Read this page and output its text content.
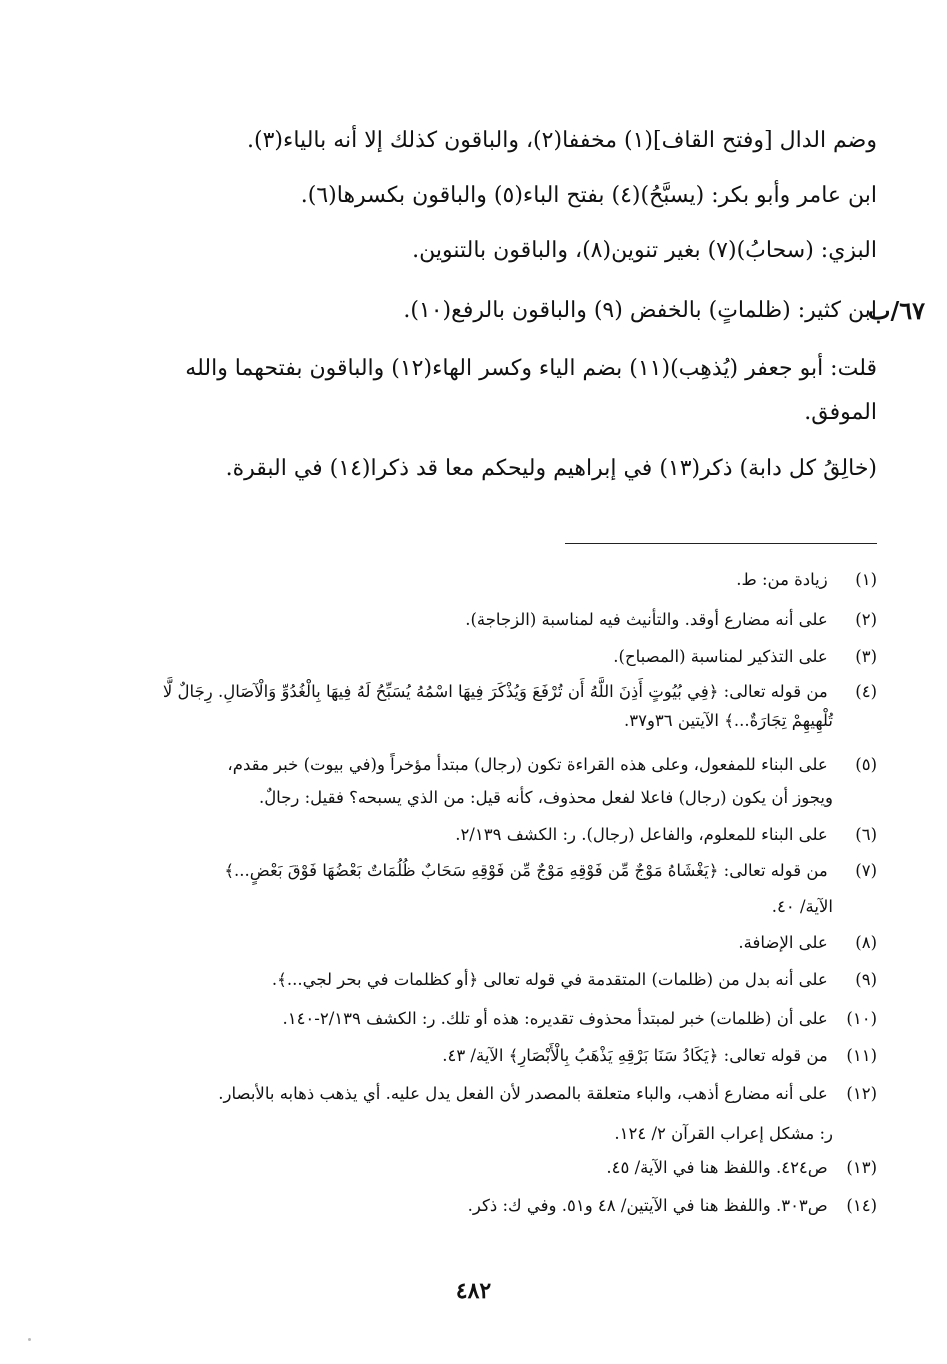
وضم الدال [وفتح القاف](١) مخففا(٢)، والباقون كذلك إلا أنه بالياء(٣).
ابن عامر وأبو بكر: (يسبَّحُ)(٤) بفتح الباء(٥) والباقون بكسرها(٦).
البزي: (سحابُ)(٧) بغير تنوين(٨)، والباقون بالتنوين.
٦٧/ب
ابن كثير: (ظلماتٍ) بالخفض (٩) والباقون بالرفع(١٠).
قلت: أبو جعفر (يُذهِب)(١١) بضم الياء وكسر الهاء(١٢) والباقون بفتحهما والله
الموفق.
(خالِقُ كل دابة) ذكر(١٣) في إبراهيم وليحكم معا قد ذكرا(١٤) في البقرة.
(١) زيادة من: ط.
(٢) على أنه مضارع أوقد. والتأنيث فيه لمناسبة (الزجاجة).
(٣) على التذكير لمناسبة (المصباح).
(٤) من قوله تعالى: ﴿فِي بُيُوتٍ أَذِنَ اللَّهُ أَن تُرْفَعَ وَيُذْكَرَ فِيهَا اسْمُهُ يُسَبِّحُ لَهُ فِيهَا بِالْغُدُوِّ وَالْآصَالِ. رِجَالٌ لَّا
تُلْهِيهِمْ تِجَارَةٌ...﴾ الآيتين ٣٦و٣٧.
(٥) على البناء للمفعول، وعلى هذه القراءة تكون (رجال) مبتدأ مؤخراً و(في بيوت) خبر مقدم،
ويجوز أن يكون (رجال) فاعلا لفعل محذوف، كأنه قيل: من الذي يسبحه؟ فقيل: رجالٌ.
(٦) على البناء للمعلوم، والفاعل (رجال). ر: الكشف ٢/١٣٩.
(٧) من قوله تعالى: ﴿يَغْشَاهُ مَوْجٌ مِّن فَوْقِهِ مَوْجٌ مِّن فَوْقِهِ سَحَابٌ ظُلُمَاتٌ بَعْضُهَا فَوْقَ بَعْضٍ...﴾
الآية/ ٤٠.
(٨) على الإضافة.
(٩) على أنه بدل من (ظلمات) المتقدمة في قوله تعالى ﴿أو كظلمات في بحر لجي...﴾.
(١٠) على أن (ظلمات) خبر لمبتدأ محذوف تقديره: هذه أو تلك. ر: الكشف ٢/١٣٩-١٤٠.
(١١) من قوله تعالى: ﴿يَكَادُ سَنَا بَرْقِهِ يَذْهَبُ بِالْأَبْصَارِ﴾ الآية/ ٤٣.
(١٢) على أنه مضارع أذهب، والباء متعلقة بالمصدر لأن الفعل يدل عليه. أي يذهب ذهابه بالأبصار.
ر: مشكل إعراب القرآن ٢/ ١٢٤.
(١٣) ص٤٢٤. واللفظ هنا في الآية/ ٤٥.
(١٤) ص٣٠٣. واللفظ هنا في الآيتين/ ٤٨ و٥١. وفي ك: ذكر.
٤٨٢
